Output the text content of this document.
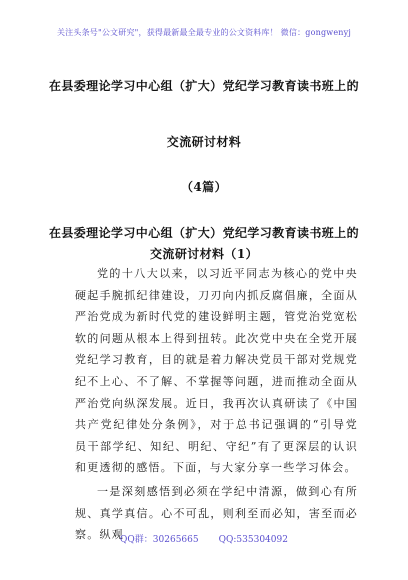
关注头条号"公文研究"，获得最新最全最专业的公文资料库！ 微信：gongwenyj
在县委理论学习中心组（扩大）党纪学习教育读书班上的
交流研讨材料
（4篇）
在县委理论学习中心组（扩大）党纪学习教育读书班上的
交流研讨材料（1）
党的十八大以来，以习近平同志为核心的党中央硬起手腕抓纪律建设，刀刃向内抓反腐倡廉，全面从严治党成为新时代党的建设鲜明主题，管党治党宽松软的问题从根本上得到扭转。此次党中央在全党开展党纪学习教育，目的就是着力解决党员干部对党规党纪不上心、不了解、不掌握等问题，进而推动全面从严治党向纵深发展。近日，我再次认真研读了《中国共产党纪律处分条例》，对于总书记强调的“引导党员干部学纪、知纪、明纪、守纪”有了更深层的认识和更透彻的感悟。下面，与大家分享一些学习体会。
一是深刻感悟到必须在学纪中清源，做到心有所规、真学真信。心不可乱，则利至而必知，害至而必察。纵观
QQ群：30265665 QQ:535304092
